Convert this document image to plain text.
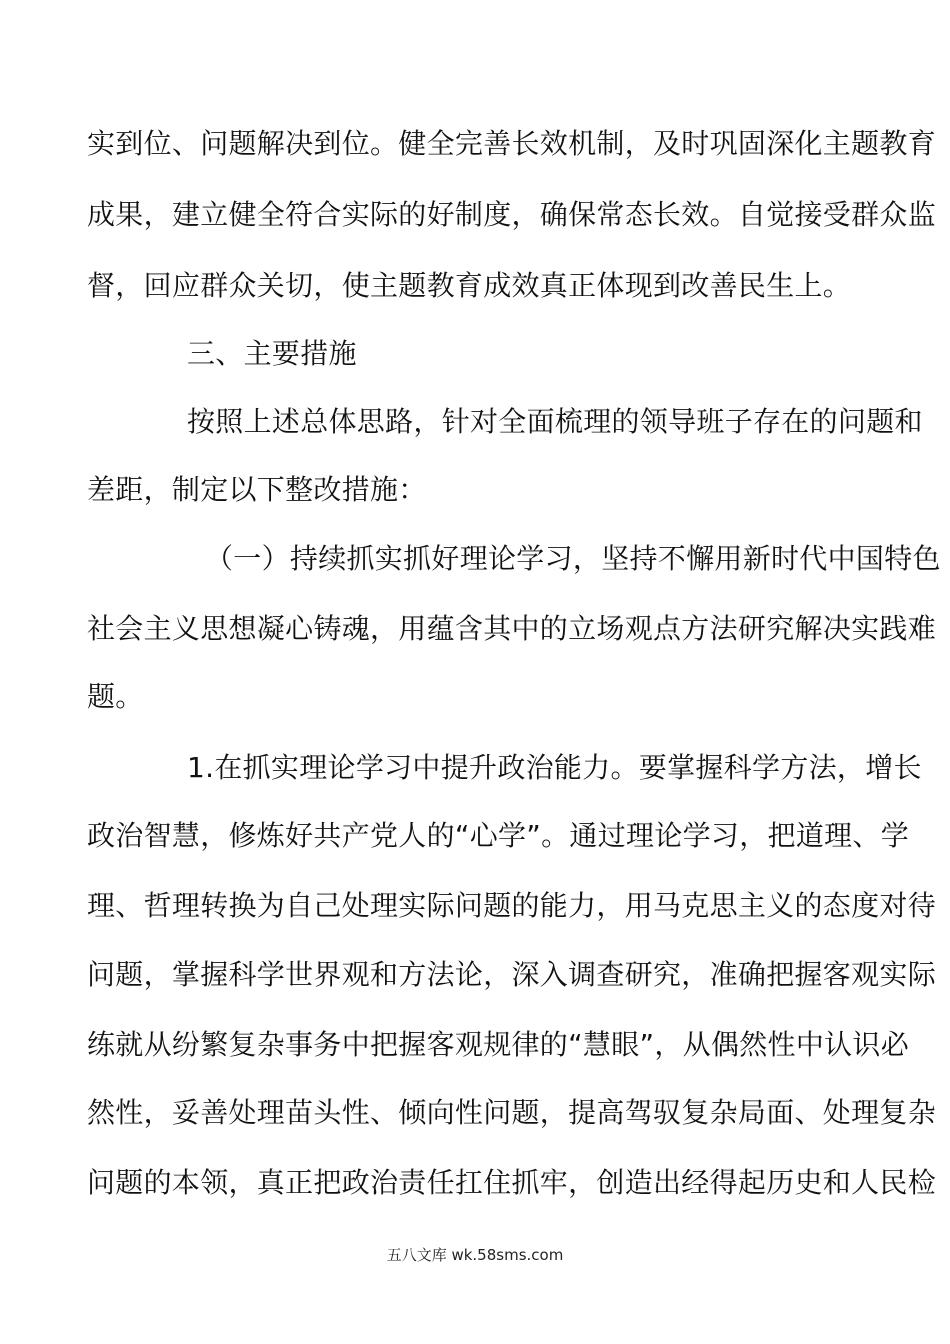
实到位、问题解决到位。健全完善长效机制，及时巩固深化主题教育
成果，建立健全符合实际的好制度，确保常态长效。自觉接受群众监
督，回应群众关切，使主题教育成效真正体现到改善民生上。
三、主要措施
按照上述总体思路，针对全面梳理的领导班子存在的问题和
差距，制定以下整改措施：
（一）持续抓实抓好理论学习，坚持不懈用新时代中国特色
社会主义思想凝心铸魂，用蕴含其中的立场观点方法研究解决实践难
题。
1.在抓实理论学习中提升政治能力。要掌握科学方法，增长
政治智慧，修炼好共产党人的“心学”。通过理论学习，把道理、学
理、哲理转换为自己处理实际问题的能力，用马克思主义的态度对待
问题，掌握科学世界观和方法论，深入调查研究，准确把握客观实际
练就从纷繁复杂事务中把握客观规律的“慧眼”，从偶然性中认识必
然性，妥善处理苗头性、倾向性问题，提高驾驭复杂局面、处理复杂
问题的本领，真正把政治责任扛住抓牢，创造出经得起历史和人民检
五八文库 wk.58sms.com
